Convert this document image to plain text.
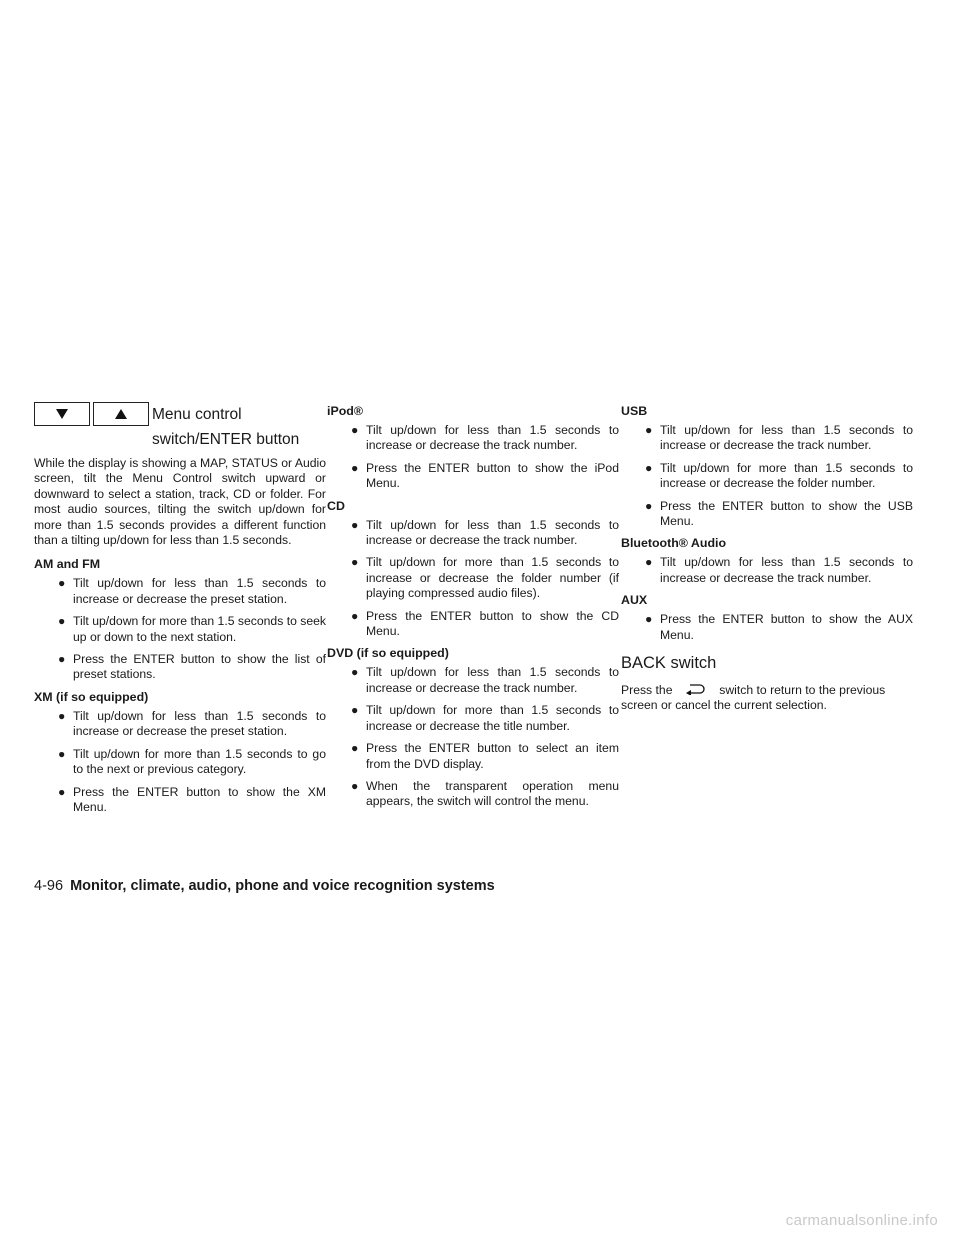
Menu control
switch/ENTER button

While the display is showing a MAP, STATUS or Audio screen, tilt the Menu Control switch upward or downward to select a station, track, CD or folder. For most audio sources, tilting the switch up/down for more than 1.5 seconds provides a different function than a tilting up/down for less than 1.5 seconds.

AM and FM
● Tilt up/down for less than 1.5 seconds to increase or decrease the preset station.
● Tilt up/down for more than 1.5 seconds to seek up or down to the next station.
● Press the ENTER button to show the list of preset stations.
XM (if so equipped)
● Tilt up/down for less than 1.5 seconds to increase or decrease the preset station.
● Tilt up/down for more than 1.5 seconds to go to the next or previous category.
● Press the ENTER button to show the XM Menu.
iPod®
● Tilt up/down for less than 1.5 seconds to increase or decrease the track number.
● Press the ENTER button to show the iPod Menu.
CD
● Tilt up/down for less than 1.5 seconds to increase or decrease the track number.
● Tilt up/down for more than 1.5 seconds to increase or decrease the folder number (if playing compressed audio files).
● Press the ENTER button to show the CD Menu.
DVD (if so equipped)
● Tilt up/down for less than 1.5 seconds to increase or decrease the track number.
● Tilt up/down for more than 1.5 seconds to increase or decrease the title number.
● Press the ENTER button to select an item from the DVD display.
● When the transparent operation menu appears, the switch will control the menu.
USB
● Tilt up/down for less than 1.5 seconds to increase or decrease the track number.
● Tilt up/down for more than 1.5 seconds to increase or decrease the folder number.
● Press the ENTER button to show the USB Menu.
Bluetooth® Audio
● Tilt up/down for less than 1.5 seconds to increase or decrease the track number.
AUX
● Press the ENTER button to show the AUX Menu.
BACK switch

Press the	switch to return to the previous screen or cancel the current selection.

4-96 Monitor, climate, audio, phone and voice recognition systems
carmanualsonline.info
